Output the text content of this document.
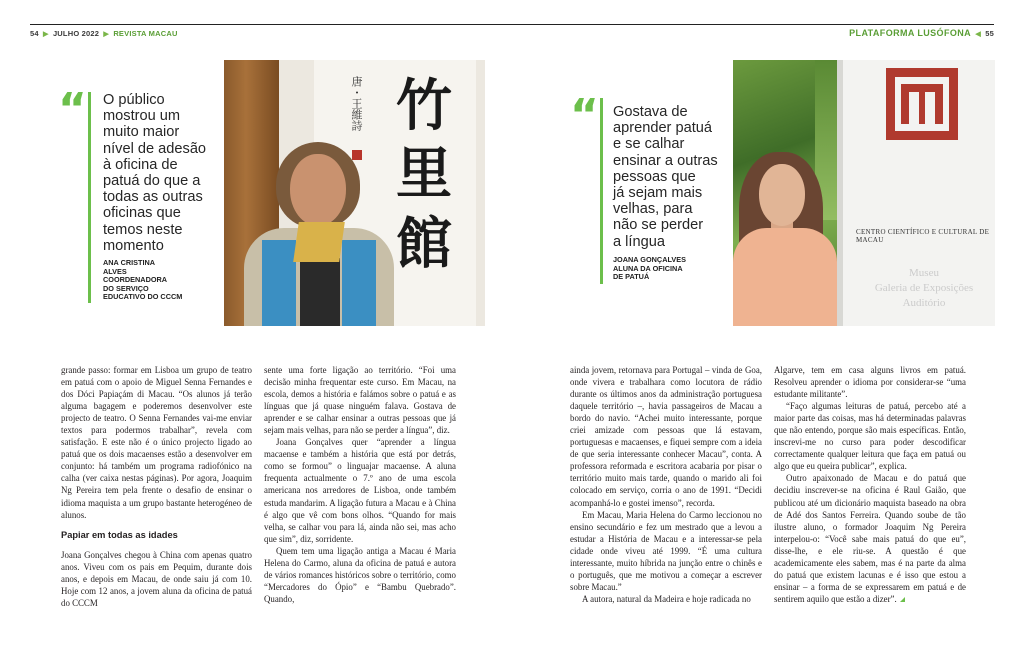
54 ▶ JULHO 2022 ▶ REVISTA MACAU	PLATAFORMA LUSÓFONA ◀ 55
“ O público
mostrou um
muito maior
nível de adesão
à oficina de
patuá do que a
todas as outras
oficinas que
temos neste
momento
ANA CRISTINA
ALVES
COORDENADORA
DO SERVIÇO
EDUCATIVO DO CCCM
唐・王維詩 竹
里
館
“ Gostava de
aprender patuá
e se calhar
ensinar a outras
pessoas que
já sejam mais
velhas, para
não se perder
a língua
JOANA GONÇALVES
ALUNA DA OFICINA
DE PATUÁ
CENTRO CIENTÍFICO E CULTURAL DE MACAU
Museu
Galeria de Exposições
Auditório

grande passo: formar em Lisboa um grupo de teatro em patuá com o apoio de Miguel Senna Fernandes e dos Dóci Papiaçám di Macau. “Os alunos já terão alguma bagagem e poderemos desenvolver este projecto de teatro. O Senna Fernandes vai-me enviar textos para podermos trabalhar”, revela com satisfação. E este não é o único projecto ligado ao patuá que os dois macaenses estão a desenvolver em conjunto: há também um programa radiofónico na calha (ver caixa nestas páginas). Por agora, Joaquim Ng Pereira tem pela frente o desafio de ensinar o idioma maquista a um grupo bastante heterogéneo de alunos.

Papiar em todas as idades

Joana Gonçalves chegou à China com apenas quatro anos. Viveu com os pais em Pequim, durante dois anos, e depois em Macau, de onde saiu já com 10. Hoje com 12 anos, a jovem aluna da oficina de patuá do CCCM

sente uma forte ligação ao território. “Foi uma decisão minha frequentar este curso. Em Macau, na escola, demos a história e falámos sobre o patuá e as línguas que já quase ninguém falava. Gostava de aprender e se calhar ensinar a outras pessoas que já sejam mais velhas, para não se perder a língua”, diz.

Joana Gonçalves quer “aprender a língua macaense e também a história que está por detrás, como se formou” o linguajar macaense. A aluna frequenta actualmente o 7.º ano de uma escola americana nos arredores de Lisboa, onde também estuda mandarim. A ligação futura a Macau e à China é algo que vê com bons olhos. “Quando for mais velha, se calhar vou para lá, ainda não sei, mas acho que sim”, diz, sorridente.

Quem tem uma ligação antiga a Macau é Maria Helena do Carmo, aluna da oficina de patuá e autora de vários romances históricos sobre o território, como “Mercadores do Ópio” e “Bambu Quebrado”. Quando,

ainda jovem, retornava para Portugal – vinda de Goa, onde vivera e trabalhara como locutora de rádio durante os últimos anos da administração portuguesa daquele território –, havia passageiros de Macau a bordo do navio. “Achei muito interessante, porque criei amizade com pessoas que lá estavam, portuguesas e macaenses, e fiquei sempre com a ideia de que seria interessante conhecer Macau”, conta. A professora reformada e escritora acabaria por pisar o território muito mais tarde, quando o marido ali foi colocado em serviço, corria o ano de 1991. “Decidi acompanhá-lo e gostei imenso”, recorda.

Em Macau, Maria Helena do Carmo leccionou no ensino secundário e fez um mestrado que a levou a estudar a História de Macau e a interessar-se pela cidade onde viveu até 1999. “É uma cultura interessante, muito híbrida na junção entre o chinês e o português, que me motivou a começar a escrever sobre Macau.”

A autora, natural da Madeira e hoje radicada no

Algarve, tem em casa alguns livros em patuá. Resolveu aprender o idioma por considerar-se “uma estudante militante”.

“Faço algumas leituras de patuá, percebo até a maior parte das coisas, mas há determinadas palavras que não entendo, porque são mais específicas. Então, inscrevi-me no curso para poder descodificar correctamente qualquer leitura que faça em patuá ou algo que eu queira publicar”, explica.

Outro apaixonado de Macau e do patuá que decidiu inscrever-se na oficina é Raul Gaião, que publicou até um dicionário maquista baseado na obra de Adé dos Santos Ferreira. Quando soube de tão ilustre aluno, o formador Joaquim Ng Pereira interpelou-o: “Você sabe mais patuá do que eu”, disse-lhe, e ele riu-se. A questão é que academicamente eles sabem, mas é na parte da alma do patuá que existem lacunas e é isso que estou a ensinar – a forma de se expressarem em patuá e de sentirem aquilo que estão a dizer”.
